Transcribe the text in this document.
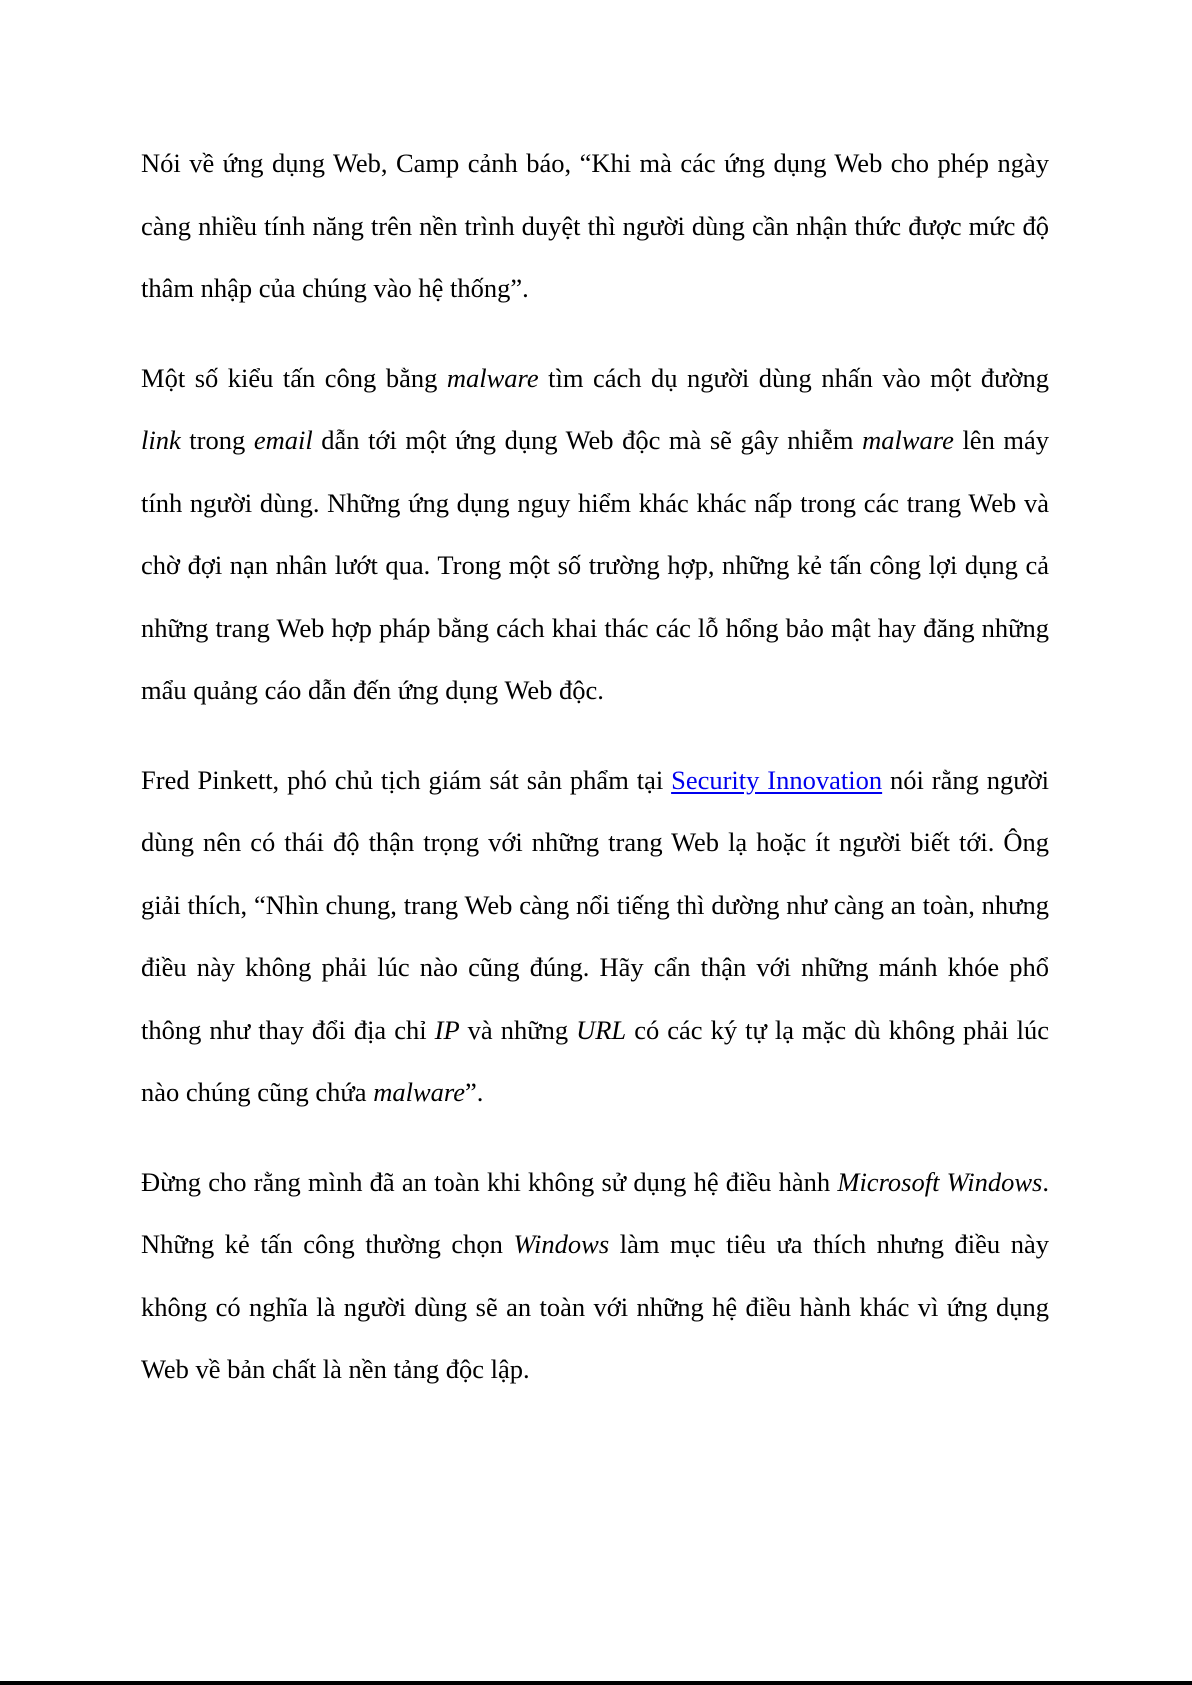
Nói về ứng dụng Web, Camp cảnh báo, “Khi mà các ứng dụng Web cho phép ngày càng nhiều tính năng trên nền trình duyệt thì người dùng cần nhận thức được mức độ thâm nhập của chúng vào hệ thống”.

Một số kiểu tấn công bằng malware tìm cách dụ người dùng nhấn vào một đường link trong email dẫn tới một ứng dụng Web độc mà sẽ gây nhiễm malware lên máy tính người dùng. Những ứng dụng nguy hiểm khác khác nấp trong các trang Web và chờ đợi nạn nhân lướt qua. Trong một số trường hợp, những kẻ tấn công lợi dụng cả những trang Web hợp pháp bằng cách khai thác các lỗ hổng bảo mật hay đăng những mẩu quảng cáo dẫn đến ứng dụng Web độc.

Fred Pinkett, phó chủ tịch giám sát sản phẩm tại Security Innovation nói rằng người dùng nên có thái độ thận trọng với những trang Web lạ hoặc ít người biết tới. Ông giải thích, “Nhìn chung, trang Web càng nổi tiếng thì dường như càng an toàn, nhưng điều này không phải lúc nào cũng đúng. Hãy cẩn thận với những mánh khóe phổ thông như thay đổi địa chỉ IP và những URL có các ký tự lạ mặc dù không phải lúc nào chúng cũng chứa malware”.

Đừng cho rằng mình đã an toàn khi không sử dụng hệ điều hành Microsoft Windows. Những kẻ tấn công thường chọn Windows làm mục tiêu ưa thích nhưng điều này không có nghĩa là người dùng sẽ an toàn với những hệ điều hành khác vì ứng dụng Web về bản chất là nền tảng độc lập.
